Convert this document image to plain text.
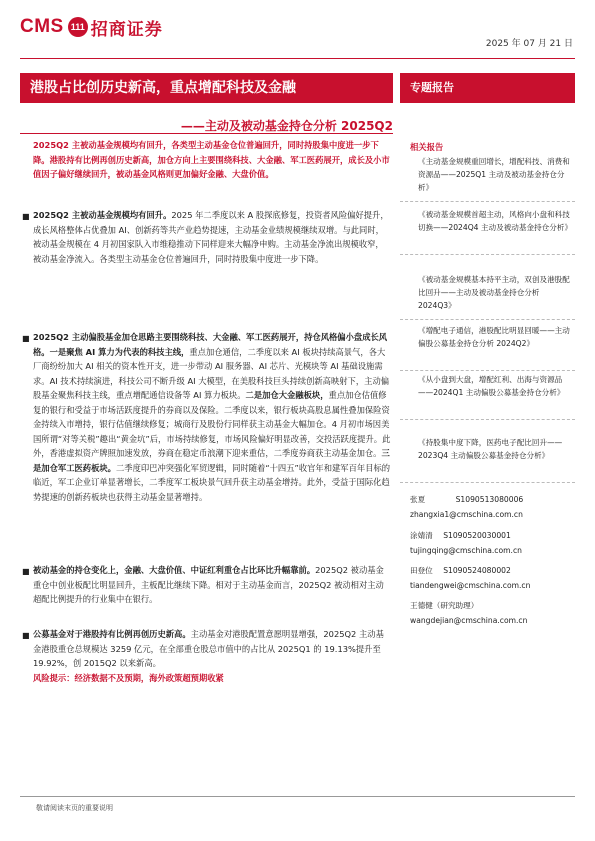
CMS 111 招商证券
2025 年 07 月 21 日
港股占比创历史新高，重点增配科技及金融
——主动及被动基金持仓分析 2025Q2
2025Q2 主被动基金规模均有回升，各类型主动基金仓位普遍回升，同时持股集中度进一步下降。港股持有比例再创历史新高，加仓方向上主要围绕科技、大金融、军工医药展开，成长及小市值因子偏好继续回升，被动基金风格则更加偏好金融、大盘价值。
■ 2025Q2 主被动基金规模均有回升。2025 年二季度以来 A 股探底修复，投资者风险偏好提升，成长风格整体占优叠加 AI、创新药等共产业趋势提速，主动基金业绩规模继续双增。与此同时，被动基金规模在 4 月初国家队入市维稳推动下同样迎来大幅净申购。主动基金净流出规模收窄，被动基金净流入。各类型主动基金仓位普遍回升，同时持股集中度进一步下降。
■ 2025Q2 主动偏股基金加仓思路主要围绕科技、大金融、军工医药展开，持仓风格偏小盘成长风格。一是聚焦 AI 算力为代表的科技主线，重点加仓通信，二季度以来 AI 板块持续高景气，各大厂商纷纷加大 AI 相关的资本性开支，进一步带动 AI 服务器、AI 芯片、光模块等 AI 基础设施需求。AI 技术持续演进，科技公司不断升级 AI 大模型，在美股科技巨头持续创新高映射下，主动偏股基金聚焦科技主线，重点增配通信设备等 AI 算力板块。二是加仓大金融板块，重点加仓估值修复的银行和受益于市场活跃度提升的券商以及保险。二季度以来，银行板块高股息属性叠加保险资金持续入市增持，银行估值继续修复；城商行及股份行同样获主动基金大幅加仓。4 月初市场因美国所谓“对等关税”趣出“黄金坑”后，市场持续修复，市场风险偏好明显改善，交投活跃度提升。此外，香港虚拟资产牌照加速发放，券商在稳定币浪潮下迎来重估，二季度券商获主动基金加仓。三是加仓军工医药板块。二季度印巴冲突强化军贸逻辑，同时随着“十四五”收官年和建军百年目标的临近，军工企业订单显著增长，二季度军工板块景气回升获主动基金增持。此外，受益于国际化趋势提速的创新药板块也获得主动基金显著增持。
■ 被动基金的持仓变化上，金融、大盘价值、中证红利重仓占比环比升幅靠前。2025Q2 被动基金重仓中创业板配比明显回升，主板配比继续下降。相对于主动基金而言，2025Q2 被动相对主动超配比例提升的行业集中在银行。
■ 公募基金对于港股持有比例再创历史新高。主动基金对港股配置意愿明显增强，2025Q2 主动基金港股重仓总规模达 3259 亿元，在全部重仓股总市值中的占比从 2025Q1 的 19.13%提升至 19.92%，创 2015Q2 以来新高。
风险提示：经济数据不及预期，海外政策超预期收紧
专题报告
相关报告
《主动基金规模重回增长，增配科技、消费和资源品——2025Q1 主动及被动基金持仓分析》
《被动基金规模首超主动，风格向小盘和科技切换——2024Q4 主动及被动基金持仓分析》
《被动基金规模基本持平主动，双创及港股配比回升——主动及被动基金持仓分析 2024Q3》
《增配电子通信，港股配比明显回暖——主动偏股公募基金持仓分析 2024Q2》
《从小盘到大盘，增配红利、出海与资源品——2024Q1 主动偏股公募基金持仓分析》
《持股集中度下降，医药电子配比回升——2023Q4 主动偏股公募基金持仓分析》
张夏	S1090513080006
zhangxia1@cmschina.com.cn
涂婧清 S1090520030001
tujingqing@cmschina.com.cn
田登位 S1090524080002
tiandengwei@cmschina.com.cn
王德健（研究助理）
wangdejian@cmschina.com.cn
敬请阅读末页的重要说明
